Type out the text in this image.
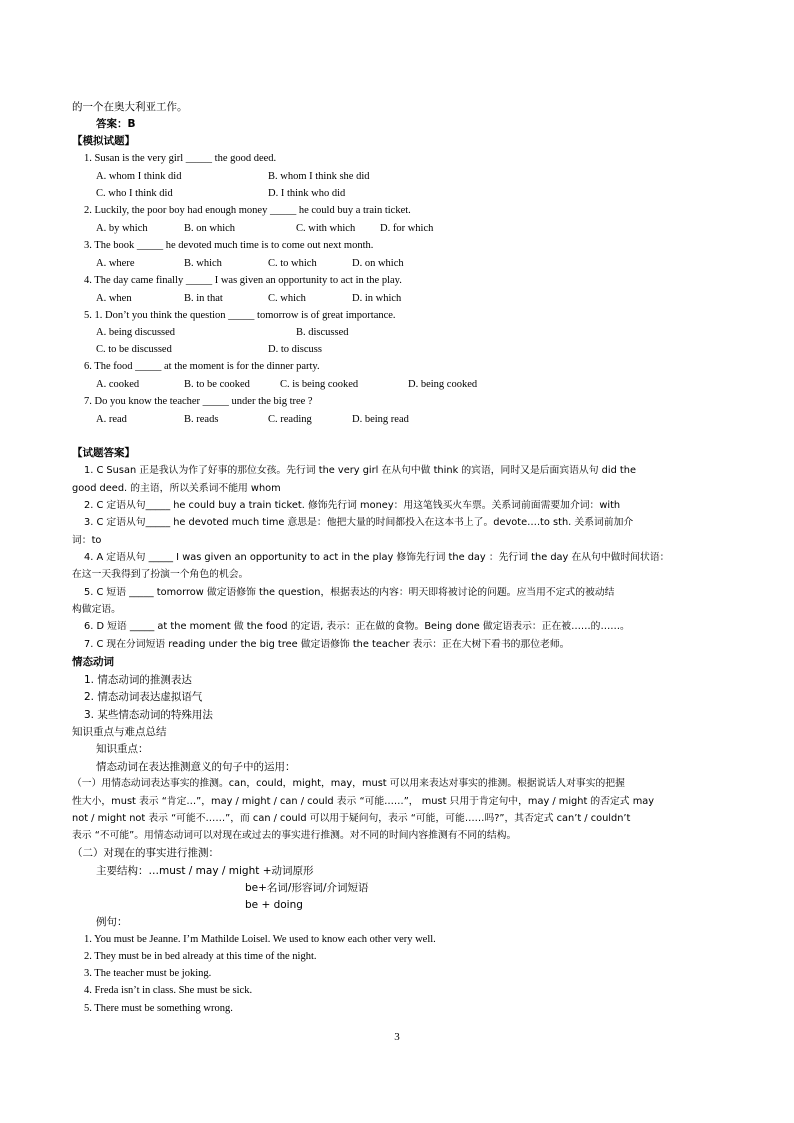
的一个在奥大利亚工作。
答案：B
【模拟试题】
1. Susan is the very girl _____ the good deed.
A. whom I think did	B. whom I think she did
C. who I think did	D. I think who did
2. Luckily, the poor boy had enough money _____ he could buy a train ticket.
A. by which	B. on which	C. with which D. for which
3. The book _____ he devoted much time is to come out next month.
A. where	B. which	C. to which	D. on which
4. The day came finally _____ I was given an opportunity to act in the play.
A. when	B. in that	C. which	D. in which
5. 1. Don’t you think the question _____ tomorrow is of great importance.
A. being discussed	B. discussed
C. to be discussed	D. to discuss
6. The food _____ at the moment is for the dinner party.
A. cooked	B. to be cooked	C. is being cooked	D. being cooked
7. Do you know the teacher _____ under the big tree ?
A. read	B. reads	C. reading	D. being read
【试题答案】
1. C Susan 正是我认为作了好事的那位女孩。先行词 the very girl 在从句中做 think 的宾语，同时又是后面宾语从句 did the
good deed. 的主语，所以关系词不能用 whom
2. C 定语从句_____ he could buy a train ticket. 修饰先行词 money：用这笔钱买火车票。关系词前面需要加介词：with
3. C 定语从句_____ he devoted much time 意思是：他把大量的时间都投入在这本书上了。devote….to sth. 关系词前加介
词：to
4. A 定语从句 _____ I was given an opportunity to act in the play 修饰先行词 the day ：先行词 the day 在从句中做时间状语：
在这一天我得到了扮演一个角色的机会。
5. C 短语 _____ tomorrow 做定语修饰 the question，根据表达的内容：明天即将被讨论的问题。应当用不定式的被动结
构做定语。
6. D 短语 _____ at the moment 做 the food 的定语, 表示：正在做的食物。Being done 做定语表示：正在被……的……。
7. C 现在分词短语 reading under the big tree 做定语修饰 the teacher 表示：正在大树下看书的那位老师。
情态动词
1. 情态动词的推测表达
2. 情态动词表达虚拟语气
3. 某些情态动词的特殊用法
知识重点与难点总结
知识重点：
情态动词在表达推测意义的句子中的运用：
（一）用情态动词表达事实的推测。can，could，might，may，must 可以用来表达对事实的推测。根据说话人对事实的把握
性大小，must 表示 “肯定…”，may / might / can / could 表示 “可能……”， must 只用于肯定句中，may / might 的否定式 may
not / might not 表示 “可能不……”，而 can / could 可以用于疑问句，表示 “可能，可能……吗?”，其否定式 can’t / couldn’t
表示 “不可能”。用情态动词可以对现在或过去的事实进行推测。对不同的时间内容推测有不同的结构。
（二）对现在的事实进行推测：
主要结构：…must / may / might +动词原形
be+名词/形容词/介词短语
be + doing
例句：
1. You must be Jeanne. I’m Mathilde Loisel. We used to know each other very well.
2. They must be in bed already at this time of the night.
3. The teacher must be joking.
4. Freda isn’t in class. She must be sick.
5. There must be something wrong.
3
